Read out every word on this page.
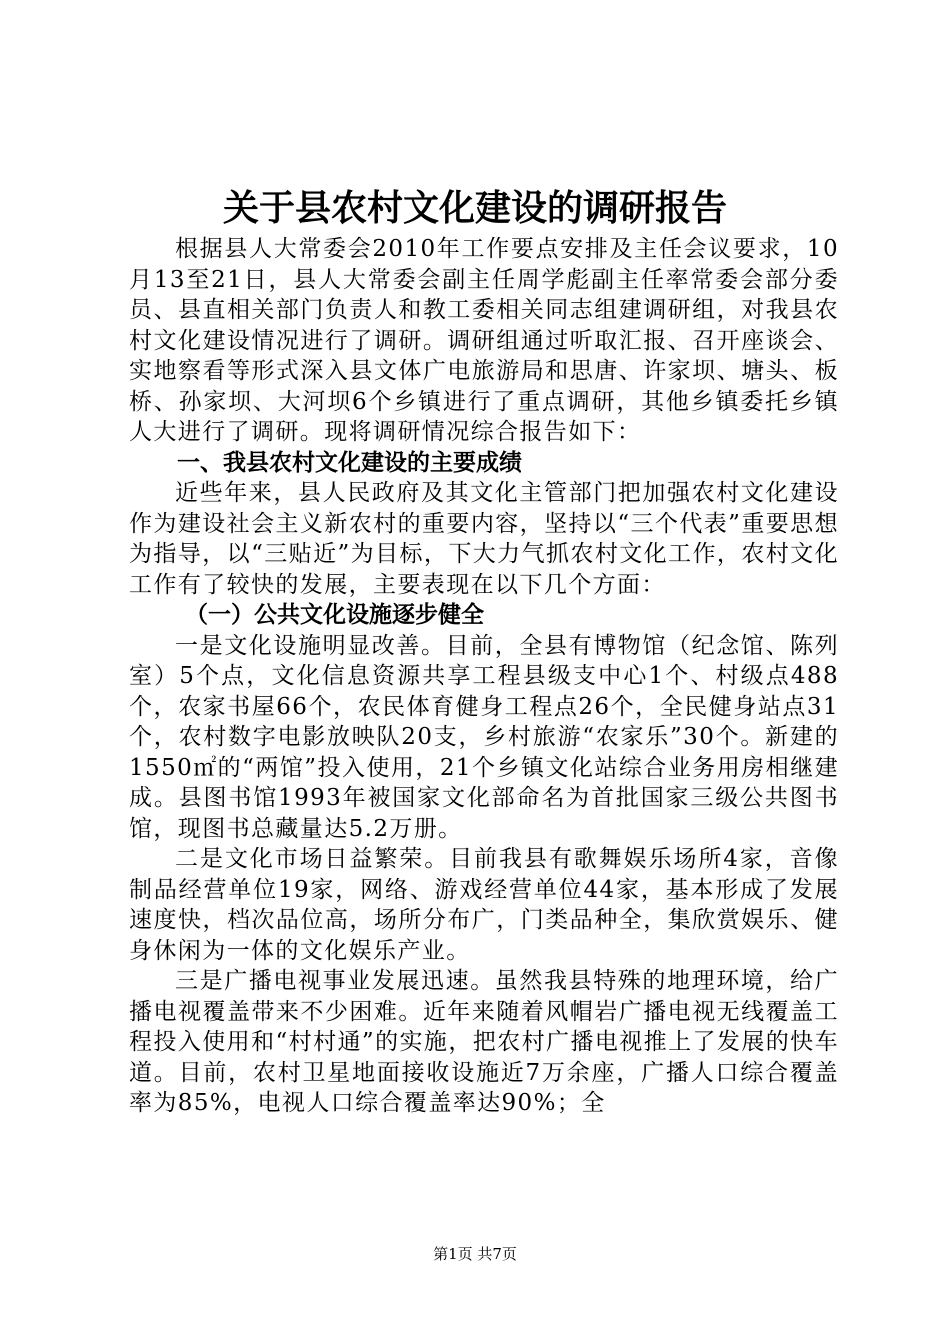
关于县农村文化建设的调研报告

根据县人大常委会2010年工作要点安排及主任会议要求，10月13至21日，县人大常委会副主任周学彪副主任率常委会部分委员、县直相关部门负责人和教工委相关同志组建调研组，对我县农村文化建设情况进行了调研。调研组通过听取汇报、召开座谈会、实地察看等形式深入县文体广电旅游局和思唐、许家坝、塘头、板桥、孙家坝、大河坝6个乡镇进行了重点调研，其他乡镇委托乡镇人大进行了调研。现将调研情况综合报告如下：

一、我县农村文化建设的主要成绩

近些年来，县人民政府及其文化主管部门把加强农村文化建设作为建设社会主义新农村的重要内容，坚持以“三个代表”重要思想为指导，以“三贴近”为目标，下大力气抓农村文化工作，农村文化工作有了较快的发展，主要表现在以下几个方面：

（一）公共文化设施逐步健全

一是文化设施明显改善。目前，全县有博物馆（纪念馆、陈列室）5个点，文化信息资源共享工程县级支中心1个、村级点488个，农家书屋66个，农民体育健身工程点26个，全民健身站点31个，农村数字电影放映队20支，乡村旅游“农家乐”30个。新建的1550㎡的“两馆”投入使用，21个乡镇文化站综合业务用房相继建成。县图书馆1993年被国家文化部命名为首批国家三级公共图书馆，现图书总藏量达5.2万册。

二是文化市场日益繁荣。目前我县有歌舞娱乐场所4家，音像制品经营单位19家，网络、游戏经营单位44家，基本形成了发展速度快，档次品位高，场所分布广，门类品种全，集欣赏娱乐、健身休闲为一体的文化娱乐产业。

三是广播电视事业发展迅速。虽然我县特殊的地理环境，给广播电视覆盖带来不少困难。近年来随着风帽岩广播电视无线覆盖工程投入使用和“村村通”的实施，把农村广播电视推上了发展的快车道。目前，农村卫星地面接收设施近7万余座，广播人口综合覆盖率为85%，电视人口综合覆盖率达90%；全

第1页 共7页
